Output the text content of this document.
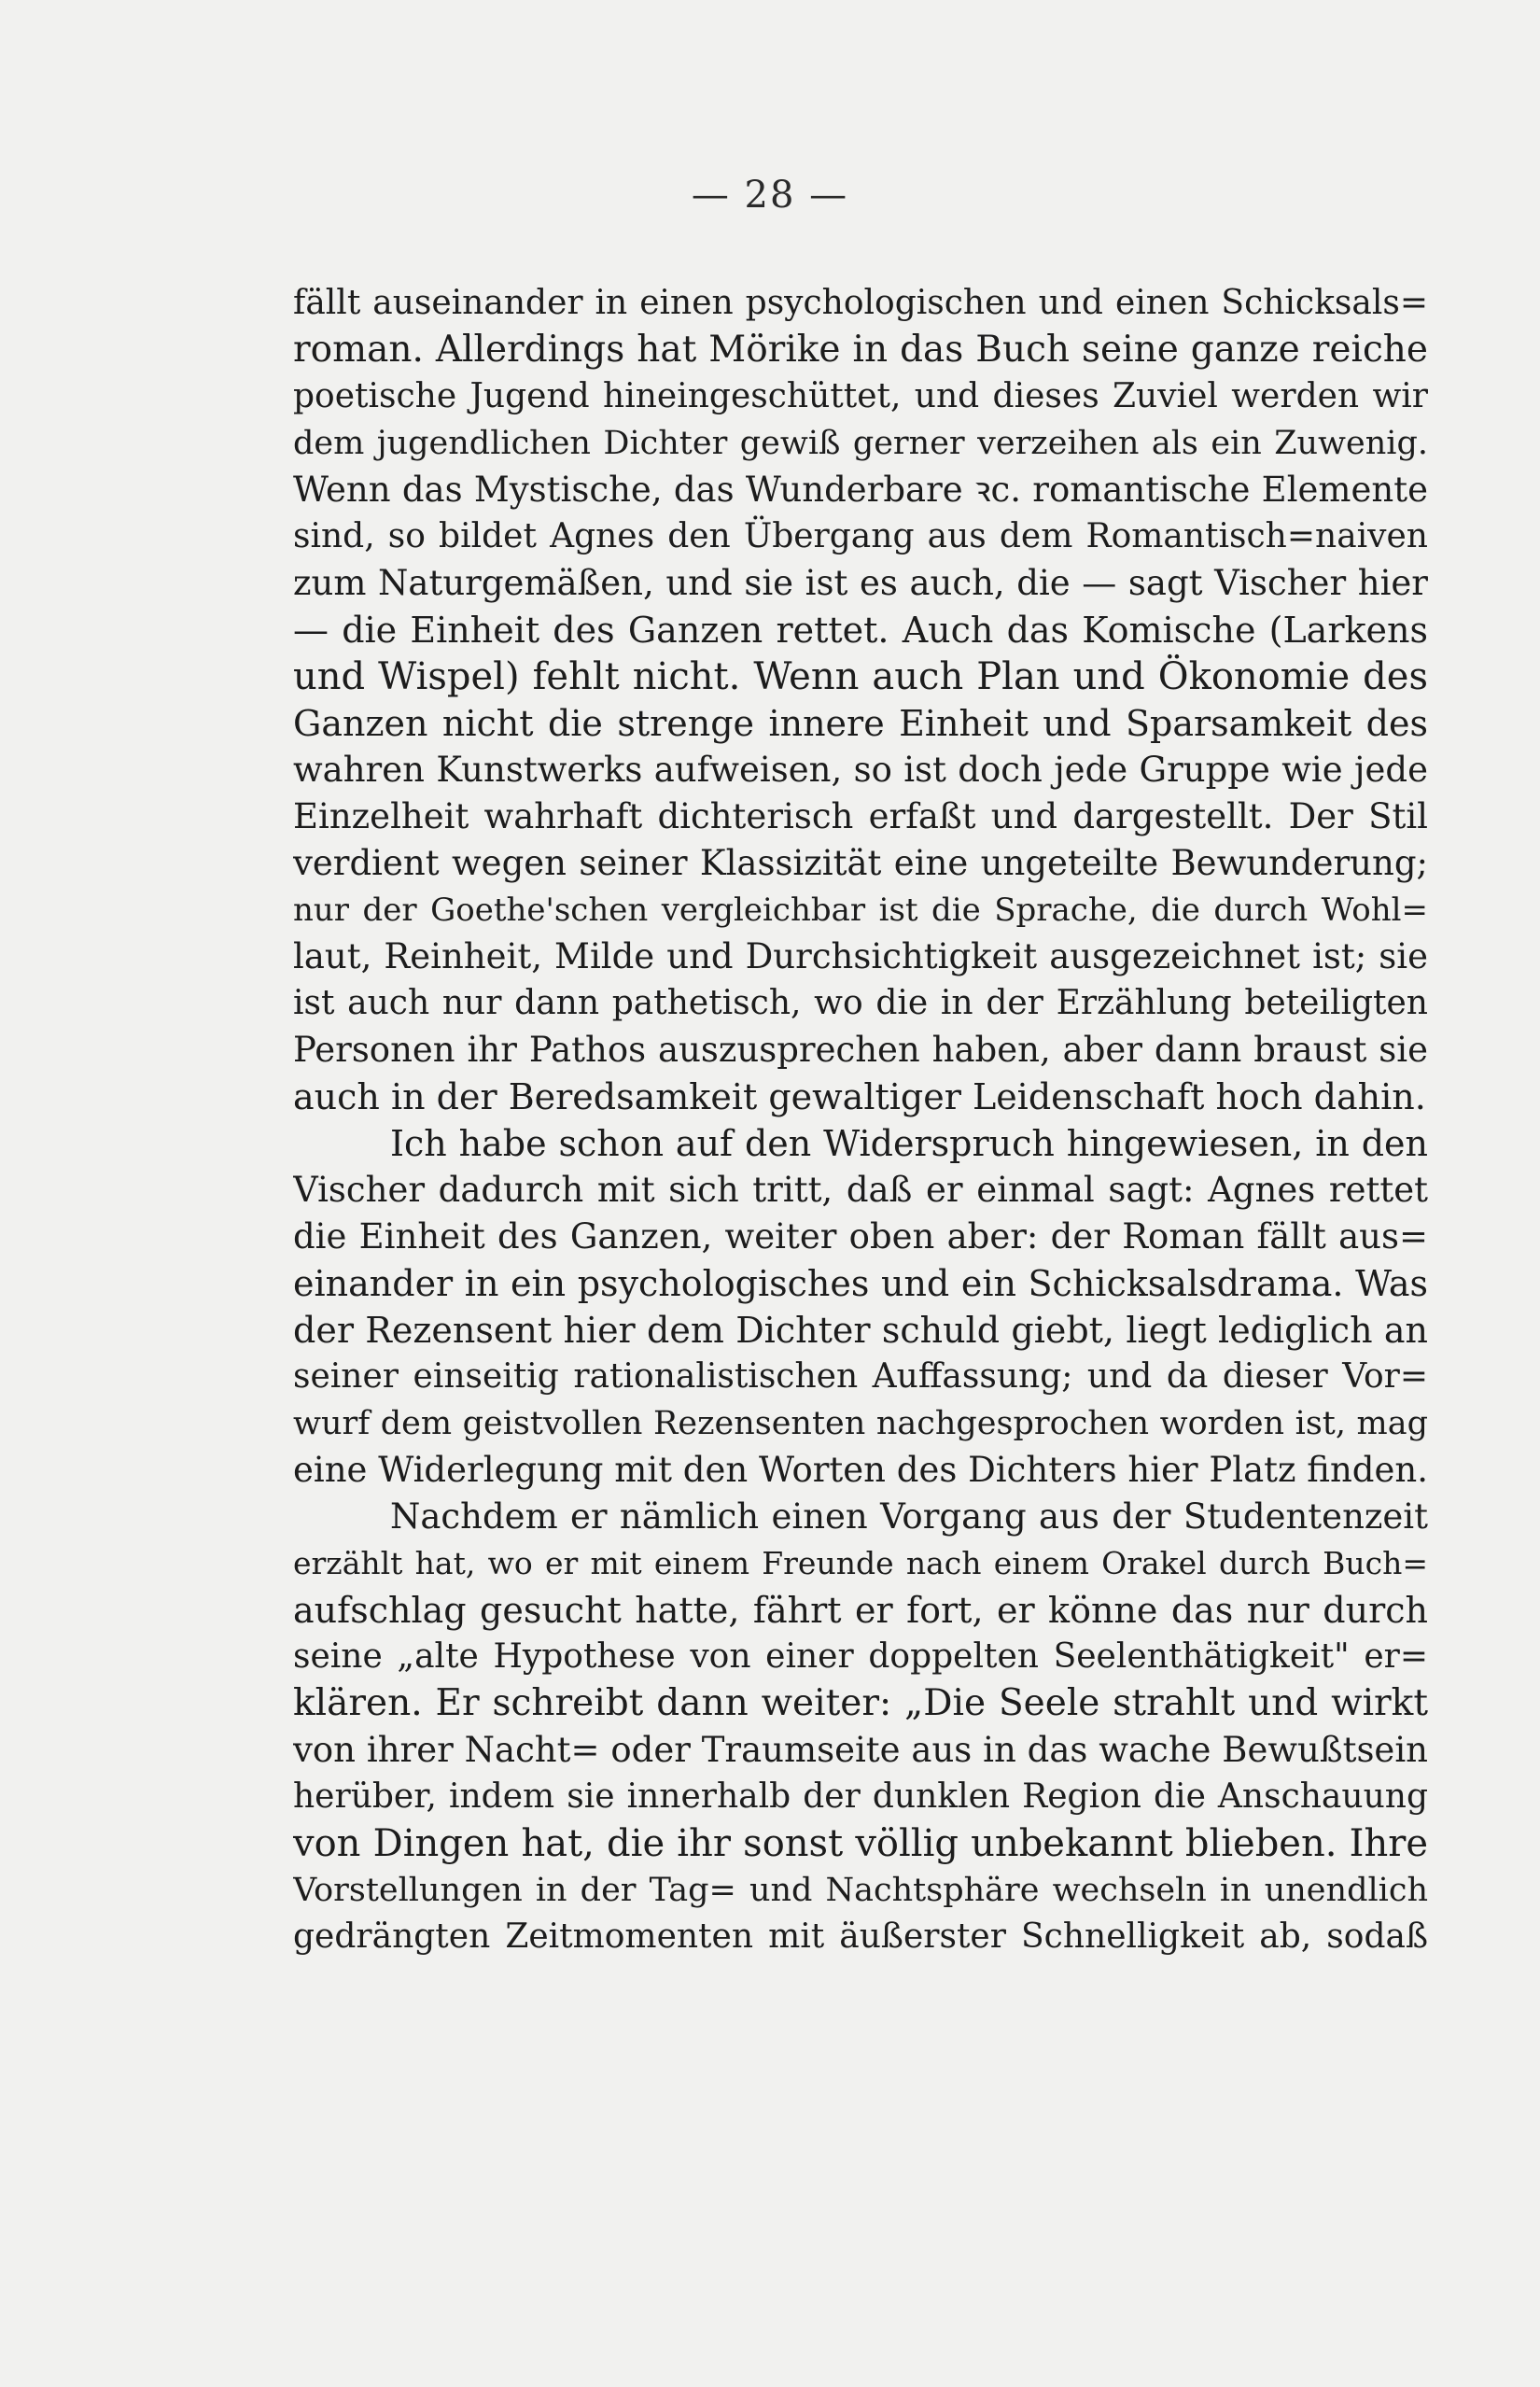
— 28 —
fällt auseinander in einen psychologischen und einen Schicksals=
roman. Allerdings hat Mörike in das Buch seine ganze reiche
poetische Jugend hineingeschüttet, und dieses Zuviel werden wir
dem jugendlichen Dichter gewiß gerner verzeihen als ein Zuwenig.
Wenn das Mystische, das Wunderbare ꝛc. romantische Elemente
sind, so bildet Agnes den Übergang aus dem Romantisch=naiven
zum Naturgemäßen, und sie ist es auch, die — sagt Vischer hier
— die Einheit des Ganzen rettet. Auch das Komische (Larkens
und Wispel) fehlt nicht. Wenn auch Plan und Ökonomie des
Ganzen nicht die strenge innere Einheit und Sparsamkeit des
wahren Kunstwerks aufweisen, so ist doch jede Gruppe wie jede
Einzelheit wahrhaft dichterisch erfaßt und dargestellt. Der Stil
verdient wegen seiner Klassizität eine ungeteilte Bewunderung;
nur der Goethe'schen vergleichbar ist die Sprache, die durch Wohl=
laut, Reinheit, Milde und Durchsichtigkeit ausgezeichnet ist; sie
ist auch nur dann pathetisch, wo die in der Erzählung beteiligten
Personen ihr Pathos auszusprechen haben, aber dann braust sie
auch in der Beredsamkeit gewaltiger Leidenschaft hoch dahin.
Ich habe schon auf den Widerspruch hingewiesen, in den
Vischer dadurch mit sich tritt, daß er einmal sagt: Agnes rettet
die Einheit des Ganzen, weiter oben aber: der Roman fällt aus=
einander in ein psychologisches und ein Schicksalsdrama. Was
der Rezensent hier dem Dichter schuld giebt, liegt lediglich an
seiner einseitig rationalistischen Auffassung; und da dieser Vor=
wurf dem geistvollen Rezensenten nachgesprochen worden ist, mag
eine Widerlegung mit den Worten des Dichters hier Platz finden.
Nachdem er nämlich einen Vorgang aus der Studentenzeit
erzählt hat, wo er mit einem Freunde nach einem Orakel durch Buch=
aufschlag gesucht hatte, fährt er fort, er könne das nur durch
seine „alte Hypothese von einer doppelten Seelenthätigkeit" er=
klären. Er schreibt dann weiter: „Die Seele strahlt und wirkt
von ihrer Nacht= oder Traumseite aus in das wache Bewußtsein
herüber, indem sie innerhalb der dunklen Region die Anschauung
von Dingen hat, die ihr sonst völlig unbekannt blieben. Ihre
Vorstellungen in der Tag= und Nachtsphäre wechseln in unendlich
gedrängten Zeitmomenten mit äußerster Schnelligkeit ab, sodaß
